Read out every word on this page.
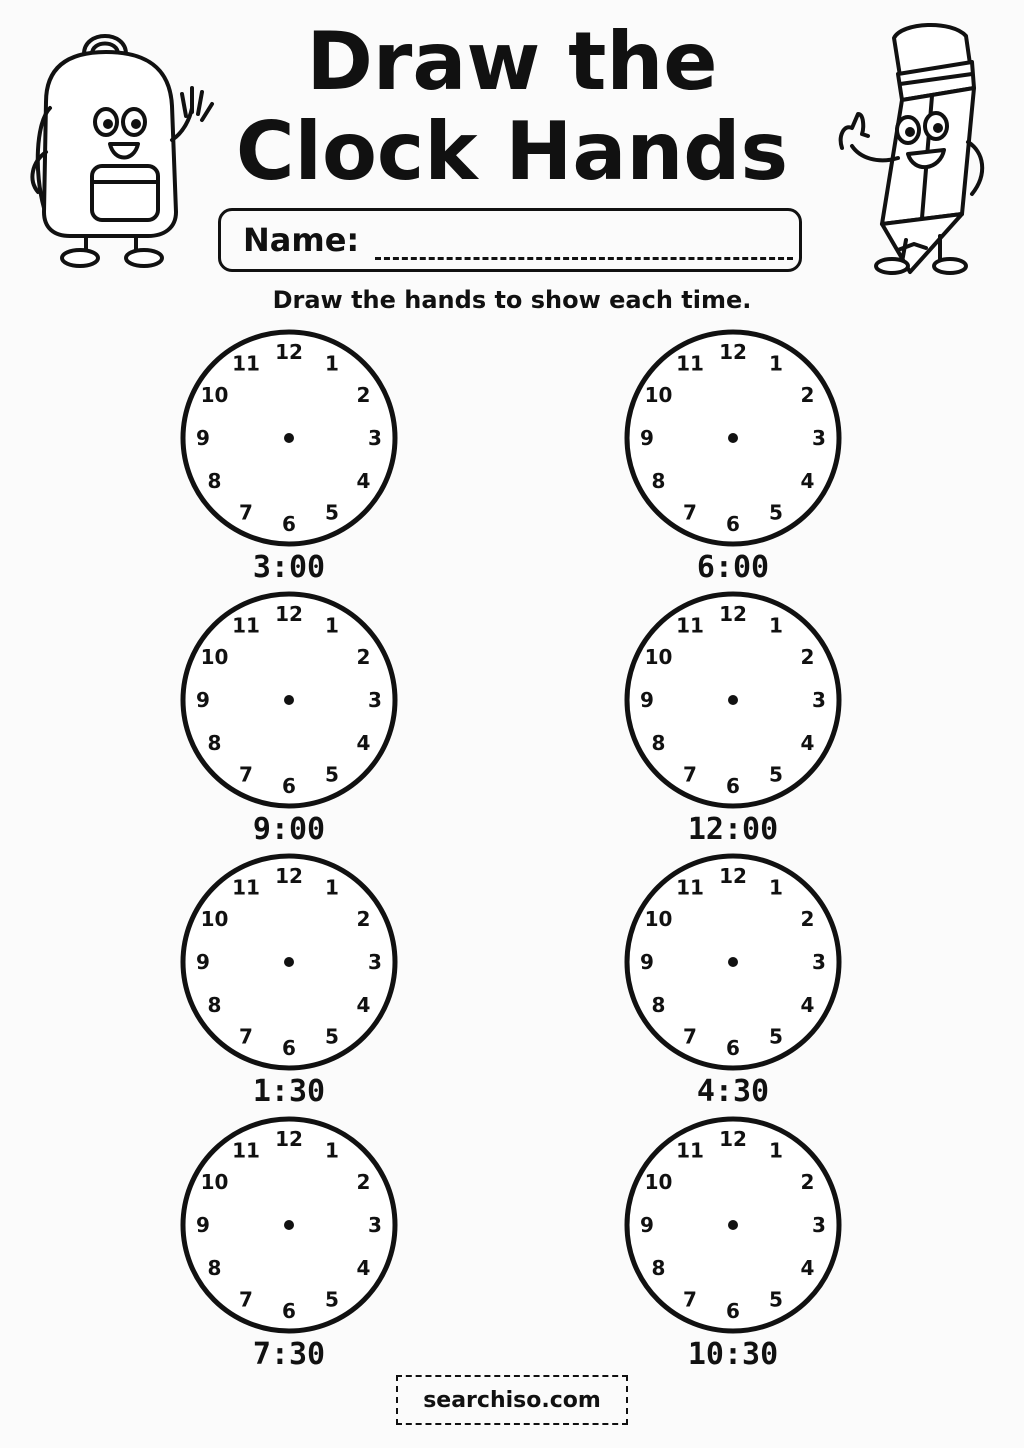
Draw the
Clock Hands
Name:
Draw the hands to show each time.
12 1
2
3
4
5
6
7
8
9
10
11
3:00
12 1
2
3
4
5
6
7
8
9
10
11
6:00
12 1
2
3
4
5
6
7
8
9
10
11
9:00
12 1
2
3
4
5
6
7
8
9
10
11
12:00
12 1
2
3
4
5
6
7
8
9
10
11
1:30
12 1
2
3
4
5
6
7
8
9
10
11
4:30
12 1
2
3
4
5
6
7
8
9
10
11
7:30
12 1
2
3
4
5
6
7
8
9
10
11
10:30
searchiso.com
